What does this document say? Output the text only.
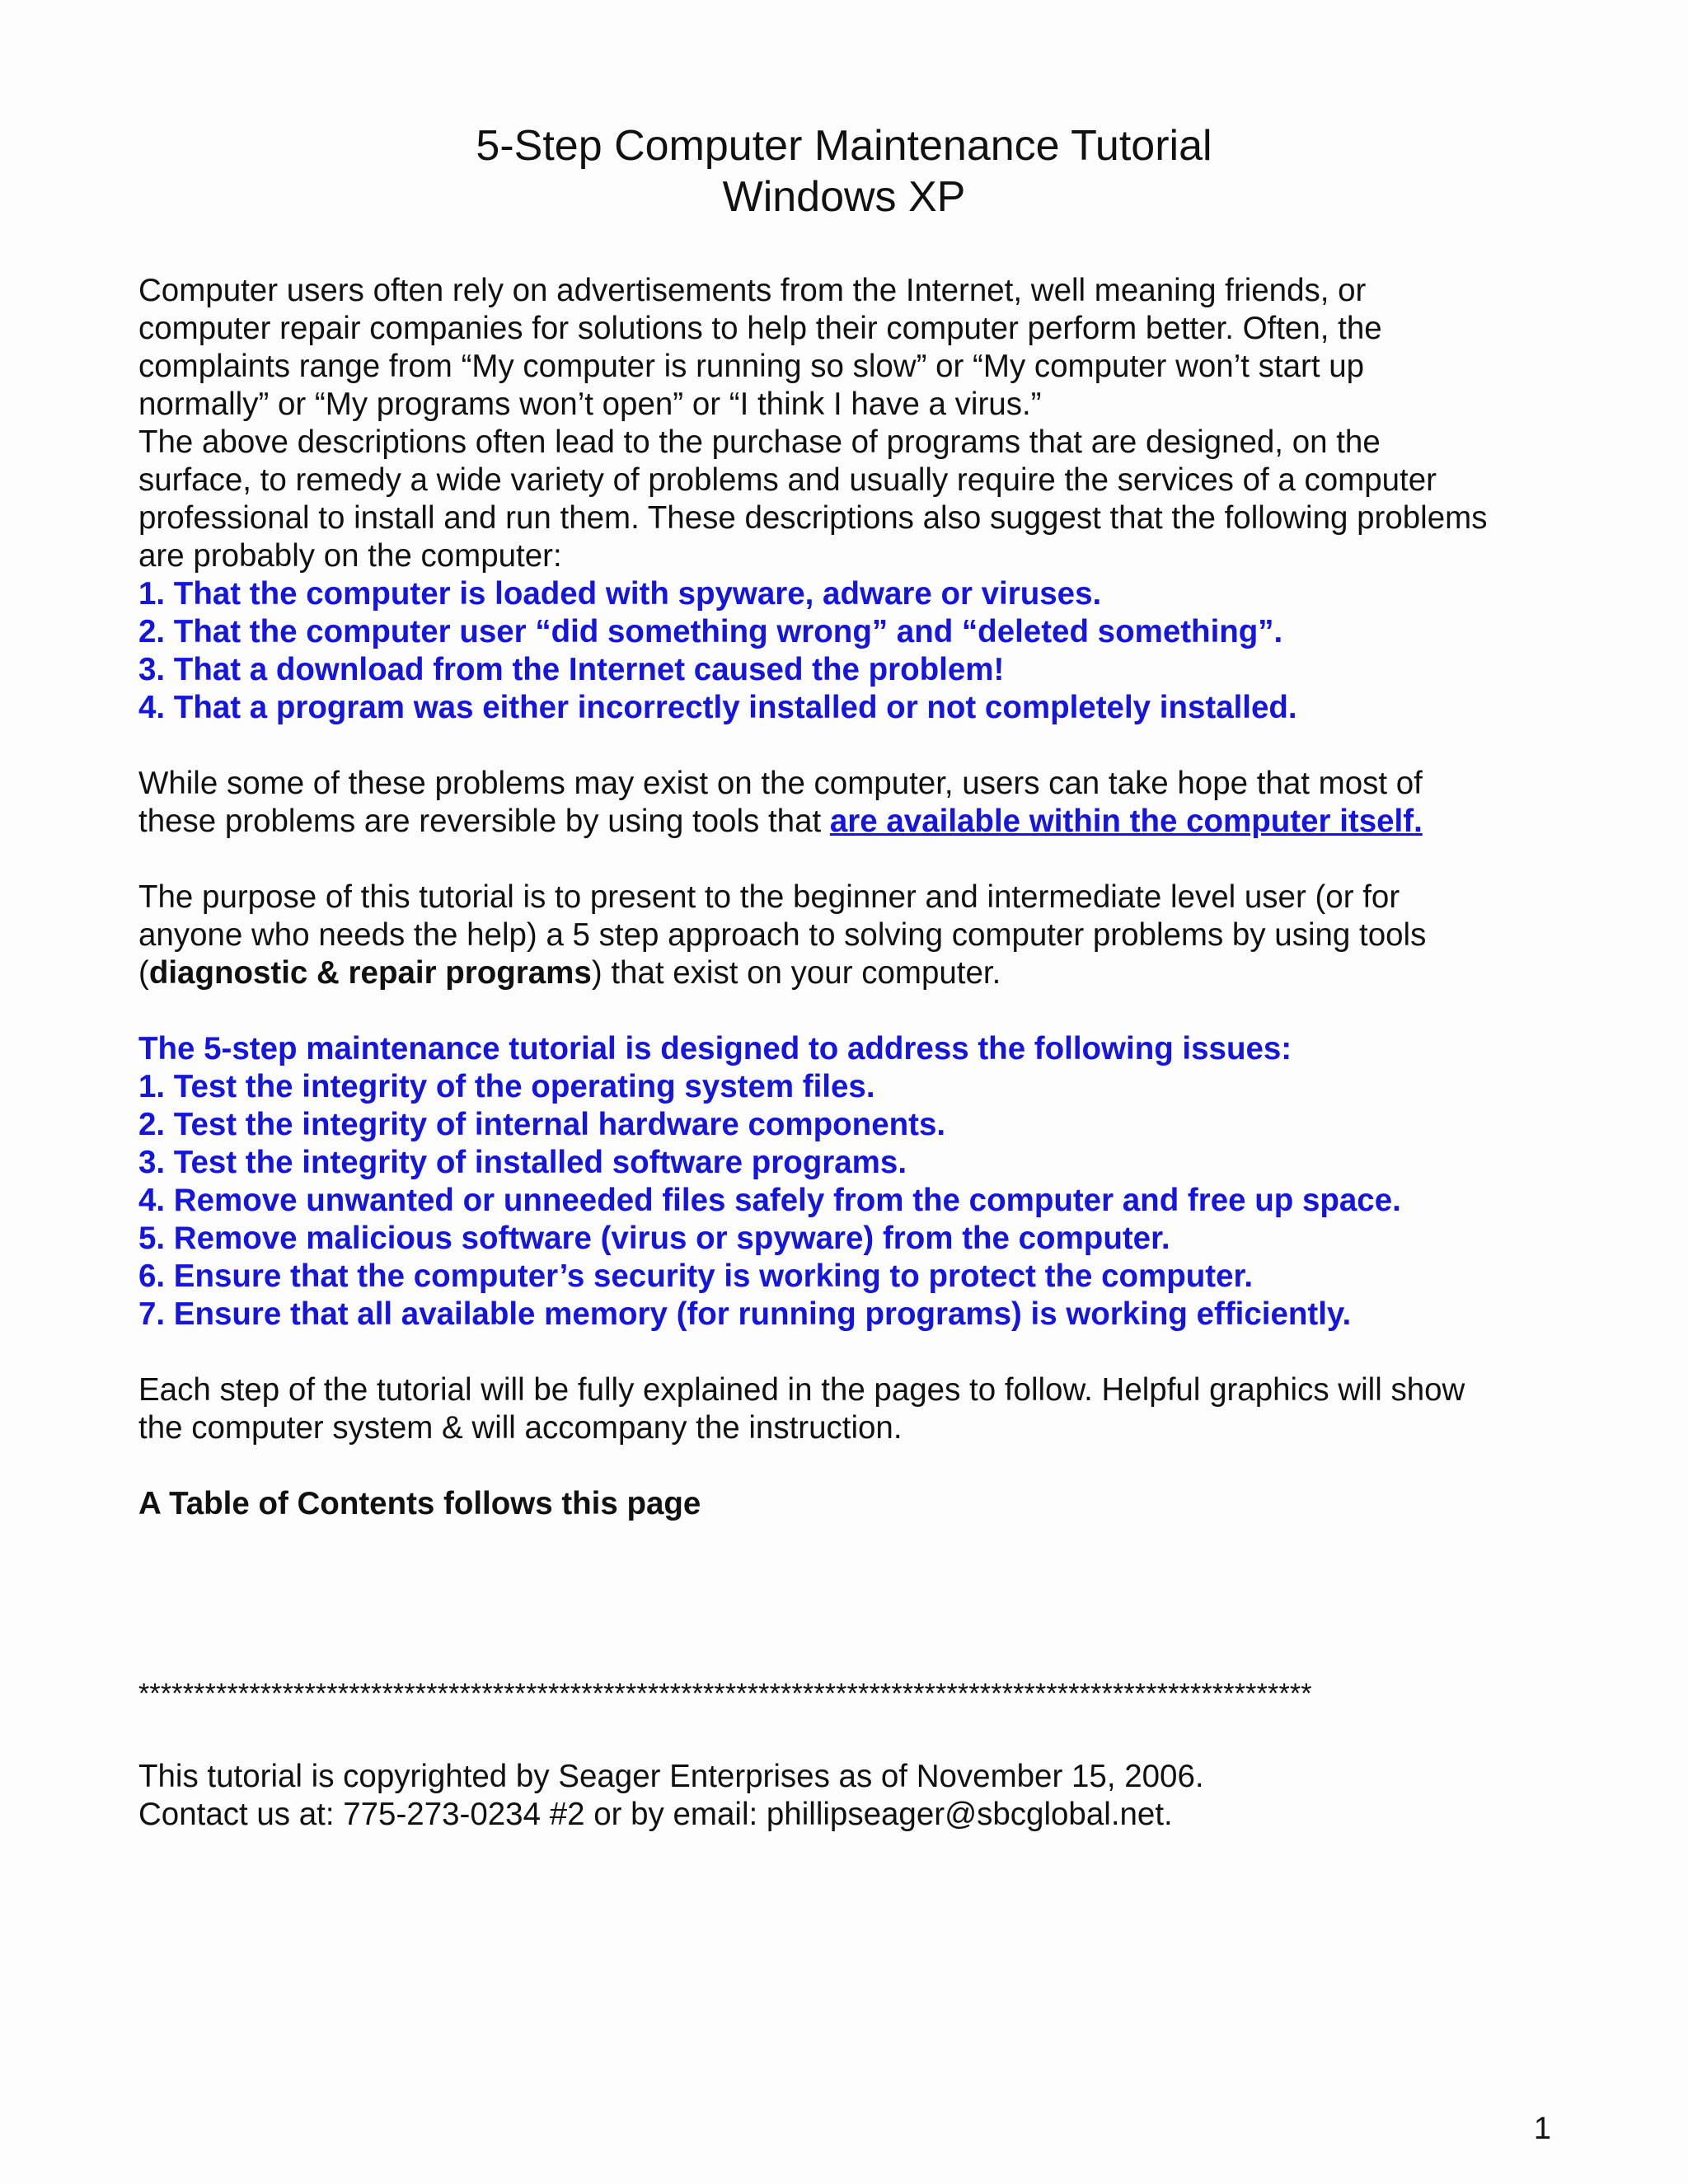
5-Step Computer Maintenance Tutorial
Windows XP

Computer users often rely on advertisements from the Internet, well meaning friends, or
computer repair companies for solutions to help their computer perform better. Often, the
complaints range from “My computer is running so slow” or “My computer won’t start up
normally” or “My programs won’t open” or “I think I have a virus.”

The above descriptions often lead to the purchase of programs that are designed, on the
surface, to remedy a wide variety of problems and usually require the services of a computer
professional to install and run them. These descriptions also suggest that the following problems
are probably on the computer:

1. That the computer is loaded with spyware, adware or viruses.
2. That the computer user “did something wrong” and “deleted something”.
3. That a download from the Internet caused the problem!
4. That a program was either incorrectly installed or not completely installed.

While some of these problems may exist on the computer, users can take hope that most of
these problems are reversible by using tools that are available within the computer itself.

The purpose of this tutorial is to present to the beginner and intermediate level user (or for
anyone who needs the help) a 5 step approach to solving computer problems by using tools
(diagnostic & repair programs) that exist on your computer.

The 5-step maintenance tutorial is designed to address the following issues:
1. Test the integrity of the operating system files.
2. Test the integrity of internal hardware components.
3. Test the integrity of installed software programs.
4. Remove unwanted or unneeded files safely from the computer and free up space.
5. Remove malicious software (virus or spyware) from the computer.
6. Ensure that the computer’s security is working to protect the computer.
7. Ensure that all available memory (for running programs) is working efficiently.

Each step of the tutorial will be fully explained in the pages to follow. Helpful graphics will show
the computer system & will accompany the instruction.

A Table of Contents follows this page

**********************************************************************************************************

This tutorial is copyrighted by Seager Enterprises as of November 15, 2006.
Contact us at: 775-273-0234 #2 or by email: phillipseager@sbcglobal.net.

1
